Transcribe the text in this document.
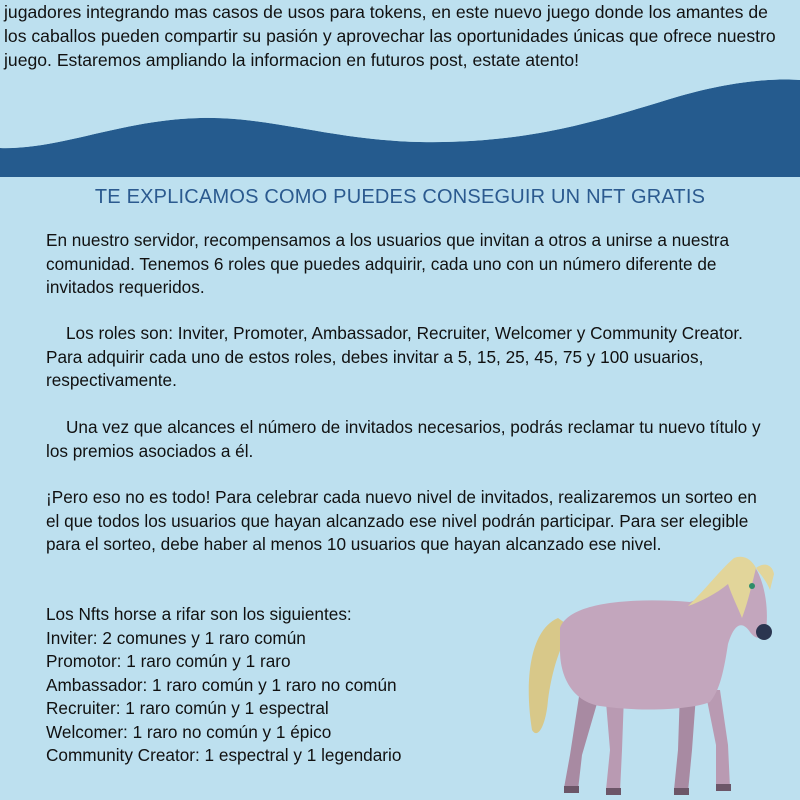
jugadores integrando mas casos de usos para tokens, en este nuevo juego donde los amantes de los caballos pueden compartir su pasión y aprovechar las oportunidades únicas que ofrece nuestro juego. Estaremos ampliando la informacion en futuros post, estate atento!

TE EXPLICAMOS COMO PUEDES CONSEGUIR UN NFT GRATIS

En nuestro servidor, recompensamos a los usuarios que invitan a otros a unirse a nuestra comunidad. Tenemos 6 roles que puedes adquirir, cada uno con un número diferente de invitados requeridos.

Los roles son: Inviter, Promoter, Ambassador, Recruiter, Welcomer y Community Creator. Para adquirir cada uno de estos roles, debes invitar a 5, 15, 25, 45, 75 y 100 usuarios, respectivamente.

Una vez que alcances el número de invitados necesarios, podrás reclamar tu nuevo título y los premios asociados a él.

¡Pero eso no es todo! Para celebrar cada nuevo nivel de invitados, realizaremos un sorteo en el que todos los usuarios que hayan alcanzado ese nivel podrán participar. Para ser elegible para el sorteo, debe haber al menos 10 usuarios que hayan alcanzado ese nivel.

Los Nfts horse a rifar son los siguientes:
Inviter: 2 comunes y 1 raro común
Promotor: 1 raro común y 1 raro
Ambassador: 1 raro común y 1 raro no común
Recruiter: 1 raro común y 1 espectral
Welcomer: 1 raro no común y 1 épico
Community Creator: 1 espectral y 1 legendario
